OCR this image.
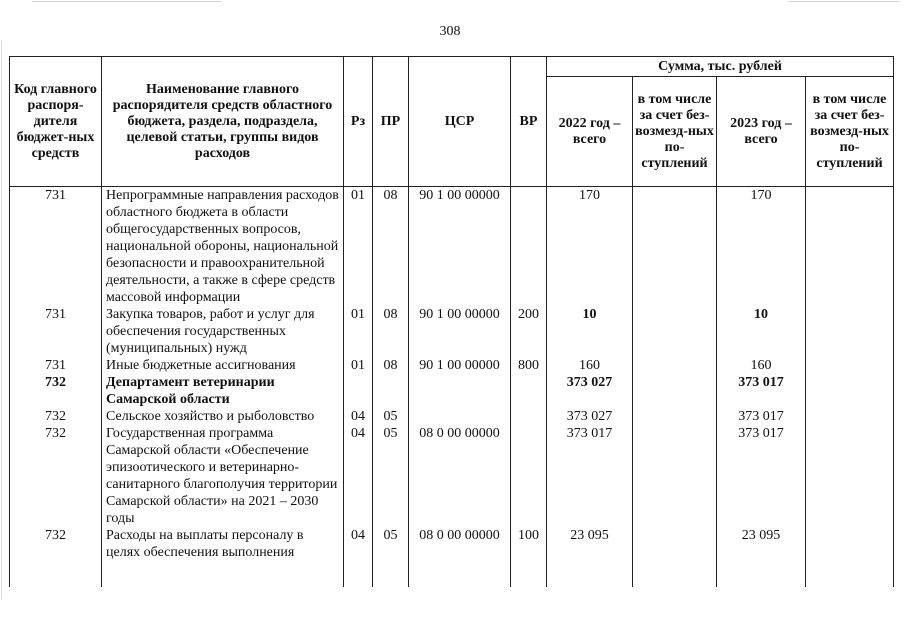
308
Код главного распоря-дителя бюджет-ных средств	Наименование главного распорядителя средств областного бюджета, раздела, подраздела, целевой статьи, группы видов расходов	Рз	ПР	ЦСР	ВР	Сумма, тыс. рублей			
						2022 год – всего	в том числе за счет без-возмезд-ных по-ступлений	2023 год – всего	в том числе за счет без-возмезд-ных по-ступлений
731	Непрограммные направления расходов областного бюджета в области общегосударственных вопросов, национальной обороны, национальной безопасности и правоохранительной деятельности, а также в сфере средств массовой информации	01	08	90 1 00 00000		170		170	
731	Закупка товаров, работ и услуг для обеспечения государственных (муниципальных) нужд	01	08	90 1 00 00000	200	10		10	
731	Иные бюджетные ассигнования	01	08	90 1 00 00000	800	160		160	
732	Департамент ветеринарии Самарской области					373 027		373 017	
732	Сельское хозяйство и рыболовство	04	05			373 027		373 017	
732	Государственная программа Самарской области «Обеспечение эпизоотического и ветеринарно-санитарного благополучия территории Самарской области» на 2021 – 2030 годы	04	05	08 0 00 00000		373 017		373 017	
732	Расходы на выплаты персоналу в целях обеспечения выполнения	04	05	08 0 00 00000	100	23 095		23 095	
